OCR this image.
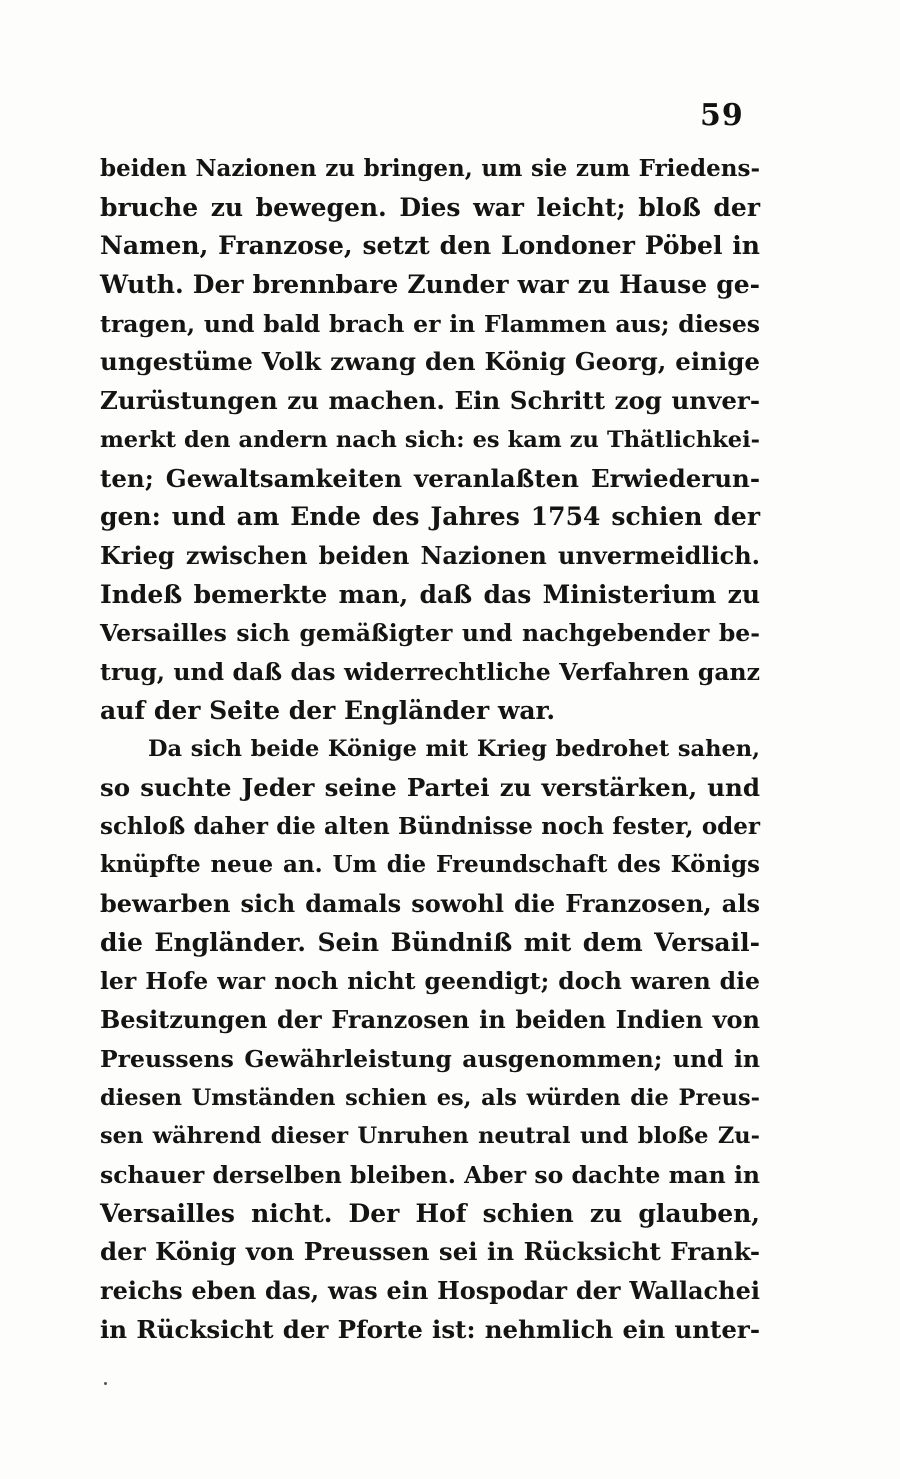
59
beiden Nazionen zu bringen, um sie zum Friedens-
bruche zu bewegen. Dies war leicht; bloß der
Namen, Franzose, setzt den Londoner Pöbel in
Wuth. Der brennbare Zunder war zu Hause ge-
tragen, und bald brach er in Flammen aus; dieses
ungestüme Volk zwang den König Georg, einige
Zurüstungen zu machen. Ein Schritt zog unver-
merkt den andern nach sich: es kam zu Thätlichkei-
ten; Gewaltsamkeiten veranlaßten Erwiederun-
gen: und am Ende des Jahres 1754 schien der
Krieg zwischen beiden Nazionen unvermeidlich.
Indeß bemerkte man, daß das Ministerium zu
Versailles sich gemäßigter und nachgebender be-
trug, und daß das widerrechtliche Verfahren ganz
auf der Seite der Engländer war.
Da sich beide Könige mit Krieg bedrohet sahen,
so suchte Jeder seine Partei zu verstärken, und
schloß daher die alten Bündnisse noch fester, oder
knüpfte neue an. Um die Freundschaft des Königs
bewarben sich damals sowohl die Franzosen, als
die Engländer. Sein Bündniß mit dem Versail-
ler Hofe war noch nicht geendigt; doch waren die
Besitzungen der Franzosen in beiden Indien von
Preussens Gewährleistung ausgenommen; und in
diesen Umständen schien es, als würden die Preus-
sen während dieser Unruhen neutral und bloße Zu-
schauer derselben bleiben. Aber so dachte man in
Versailles nicht. Der Hof schien zu glauben,
der König von Preussen sei in Rücksicht Frank-
reichs eben das, was ein Hospodar der Wallachei
in Rücksicht der Pforte ist: nehmlich ein unter-
